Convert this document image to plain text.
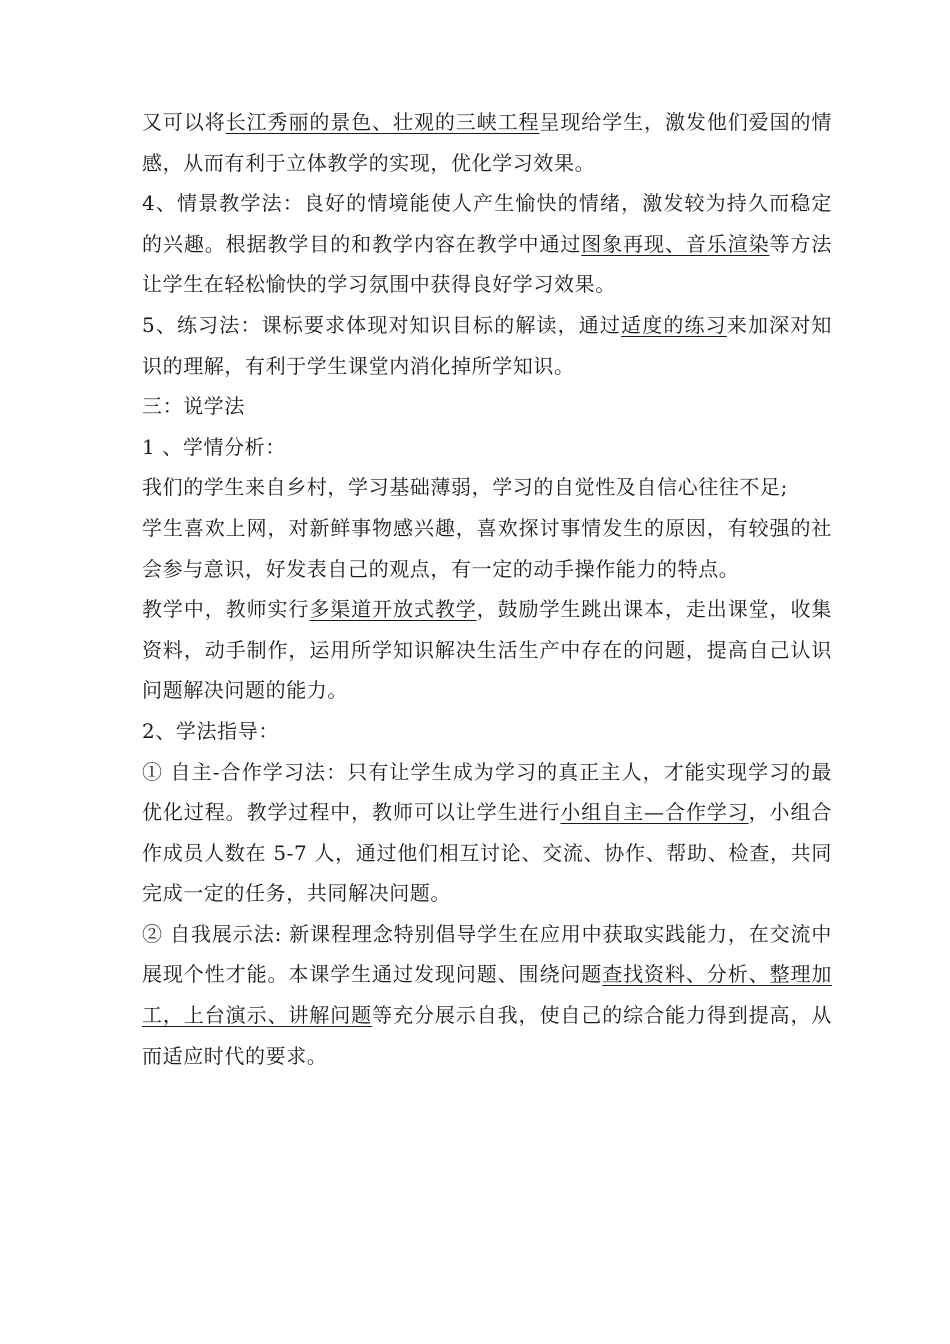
又可以将长江秀丽的景色、壮观的三峡工程呈现给学生，激发他们爱国的情感，从而有利于立体教学的实现，优化学习效果。

4、情景教学法：良好的情境能使人产生愉快的情绪，激发较为持久而稳定的兴趣。根据教学目的和教学内容在教学中通过图象再现、音乐渲染等方法让学生在轻松愉快的学习氛围中获得良好学习效果。

5、练习法：课标要求体现对知识目标的解读，通过适度的练习来加深对知识的理解，有利于学生课堂内消化掉所学知识。

三：说学法

1 、学情分析：

我们的学生来自乡村，学习基础薄弱，学习的自觉性及自信心往往不足;

学生喜欢上网，对新鲜事物感兴趣，喜欢探讨事情发生的原因，有较强的社会参与意识，好发表自己的观点，有一定的动手操作能力的特点。

教学中，教师实行多渠道开放式教学，鼓励学生跳出课本，走出课堂，收集资料，动手制作，运用所学知识解决生活生产中存在的问题，提高自己认识问题解决问题的能力。

2、学法指导：

① 自主-合作学习法：只有让学生成为学习的真正主人，才能实现学习的最优化过程。教学过程中，教师可以让学生进行小组自主—合作学习，小组合作成员人数在 5-7 人，通过他们相互讨论、交流、协作、帮助、检查，共同完成一定的任务，共同解决问题。

② 自我展示法: 新课程理念特别倡导学生在应用中获取实践能力，在交流中展现个性才能。本课学生通过发现问题、围绕问题查找资料、分析、整理加工，上台演示、讲解问题等充分展示自我，使自己的综合能力得到提高，从而适应时代的要求。
